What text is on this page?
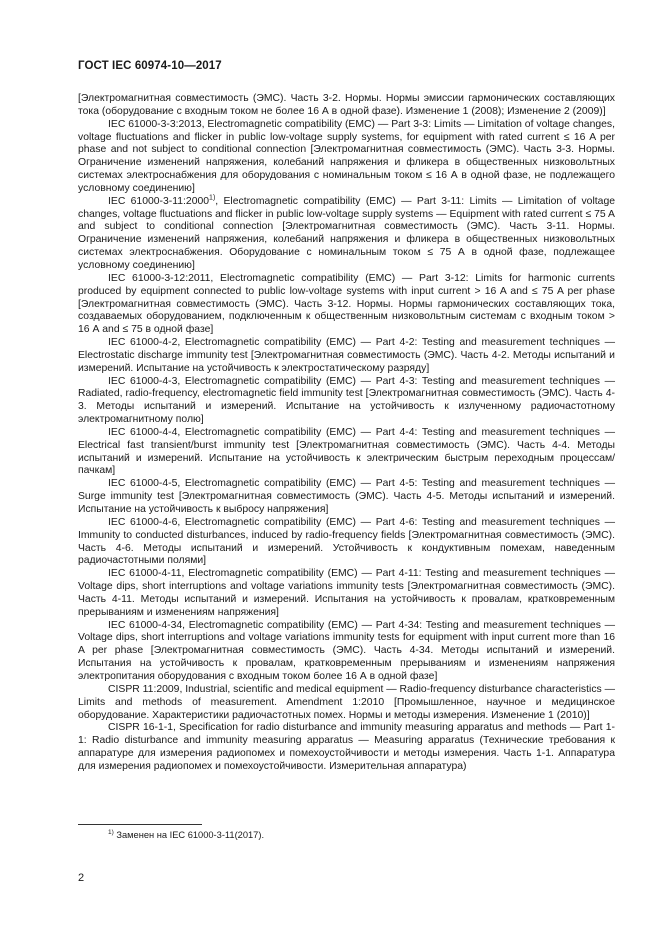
ГОСТ IEC 60974-10—2017

[Электромагнитная совместимость (ЭМС). Часть 3-2. Нормы. Нормы эмиссии гармонических составляющих тока (оборудование с входным током не более 16 А в одной фазе). Изменение 1 (2008); Изменение 2 (2009)]

IEC 61000-3-3:2013, Electromagnetic compatibility (EMC) — Part 3-3: Limits — Limitation of voltage changes, voltage fluctuations and flicker in public low-voltage supply systems, for equipment with rated current ≤ 16 A per phase and not subject to conditional connection [Электромагнитная совместимость (ЭМС). Часть 3-3. Нормы. Ограничение изменений напряжения, колебаний напряжения и фликера в общественных низковольтных системах электроснабжения для оборудования с номинальным током ≤ 16 А в одной фазе, не подлежащего условному соединению]

IEC 61000-3-11:2000$^{1)}$, Electromagnetic compatibility (EMC) — Part 3-11: Limits — Limitation of voltage changes, voltage fluctuations and flicker in public low-voltage supply systems — Equipment with rated current ≤ 75 A and subject to conditional connection [Электромагнитная совместимость (ЭМС). Часть 3-11. Нормы. Ограничение изменений напряжения, колебаний напряжения и фликера в общественных низковольтных системах электроснабжения. Оборудование с номинальным током ≤ 75 А в одной фазе, подлежащее условному соединению]

IEC 61000-3-12:2011, Electromagnetic compatibility (EMC) — Part 3-12: Limits for harmonic currents produced by equipment connected to public low-voltage systems with input current > 16 A and ≤ 75 A per phase [Электромагнитная совместимость (ЭМС). Часть 3-12. Нормы. Нормы гармонических составляющих тока, создаваемых оборудованием, подключенным к общественным низковольтным системам с входным током > 16 А and ≤ 75 в одной фазе]

IEC 61000-4-2, Electromagnetic compatibility (EMC) — Part 4-2: Testing and measurement techniques — Electrostatic discharge immunity test [Электромагнитная совместимость (ЭМС). Часть 4-2. Методы испытаний и измерений. Испытание на устойчивость к электростатическому разряду]

IEC 61000-4-3, Electromagnetic compatibility (EMC) — Part 4-3: Testing and measurement techniques — Radiated, radio-frequency, electromagnetic field immunity test [Электромагнитная совместимость (ЭМС). Часть 4-3. Методы испытаний и измерений. Испытание на устойчивость к излученному радиочастотному электромагнитному полю]

IEC 61000-4-4, Electromagnetic compatibility (EMC) — Part 4-4: Testing and measurement techniques — Electrical fast transient/burst immunity test [Электромагнитная совместимость (ЭМС). Часть 4-4. Методы испытаний и измерений. Испытание на устойчивость к электрическим быстрым переходным процессам/пачкам]

IEC 61000-4-5, Electromagnetic compatibility (EMC) — Part 4-5: Testing and measurement techniques — Surge immunity test [Электромагнитная совместимость (ЭМС). Часть 4-5. Методы испытаний и измерений. Испытание на устойчивость к выбросу напряжения]

IEC 61000-4-6, Electromagnetic compatibility (EMC) — Part 4-6: Testing and measurement techniques — Immunity to conducted disturbances, induced by radio-frequency fields [Электромагнитная совместимость (ЭМС). Часть 4-6. Методы испытаний и измерений. Устойчивость к кондуктивным помехам, наведенным радиочастотными полями]

IEC 61000-4-11, Electromagnetic compatibility (EMC) — Part 4-11: Testing and measurement techniques — Voltage dips, short interruptions and voltage variations immunity tests [Электромагнитная совместимость (ЭМС). Часть 4-11. Методы испытаний и измерений. Испытания на устойчивость к провалам, кратковременным прерываниям и изменениям напряжения]

IEC 61000-4-34, Electromagnetic compatibility (EMC) — Part 4-34: Testing and measurement techniques — Voltage dips, short interruptions and voltage variations immunity tests for equipment with input current more than 16 A per phase [Электромагнитная совместимость (ЭМС). Часть 4-34. Методы испытаний и измерений. Испытания на устойчивость к провалам, кратковременным прерываниям и изменениям напряжения электропитания оборудования с входным током более 16 А в одной фазе]

CISPR 11:2009, Industrial, scientific and medical equipment — Radio-frequency disturbance characteristics — Limits and methods of measurement. Amendment 1:2010 [Промышленное, научное и медицинское оборудование. Характеристики радиочастотных помех. Нормы и методы измерения. Изменение 1 (2010)]

CISPR 16-1-1, Specification for radio disturbance and immunity measuring apparatus and methods — Part 1-1: Radio disturbance and immunity measuring apparatus — Measuring apparatus (Технические требования к аппаратуре для измерения радиопомех и помехоустойчивости и методы измерения. Часть 1-1. Аппаратура для измерения радиопомех и помехоустойчивости. Измерительная аппаратура)

$^{1)}$ Заменен на IEC 61000-3-11(2017).
2
